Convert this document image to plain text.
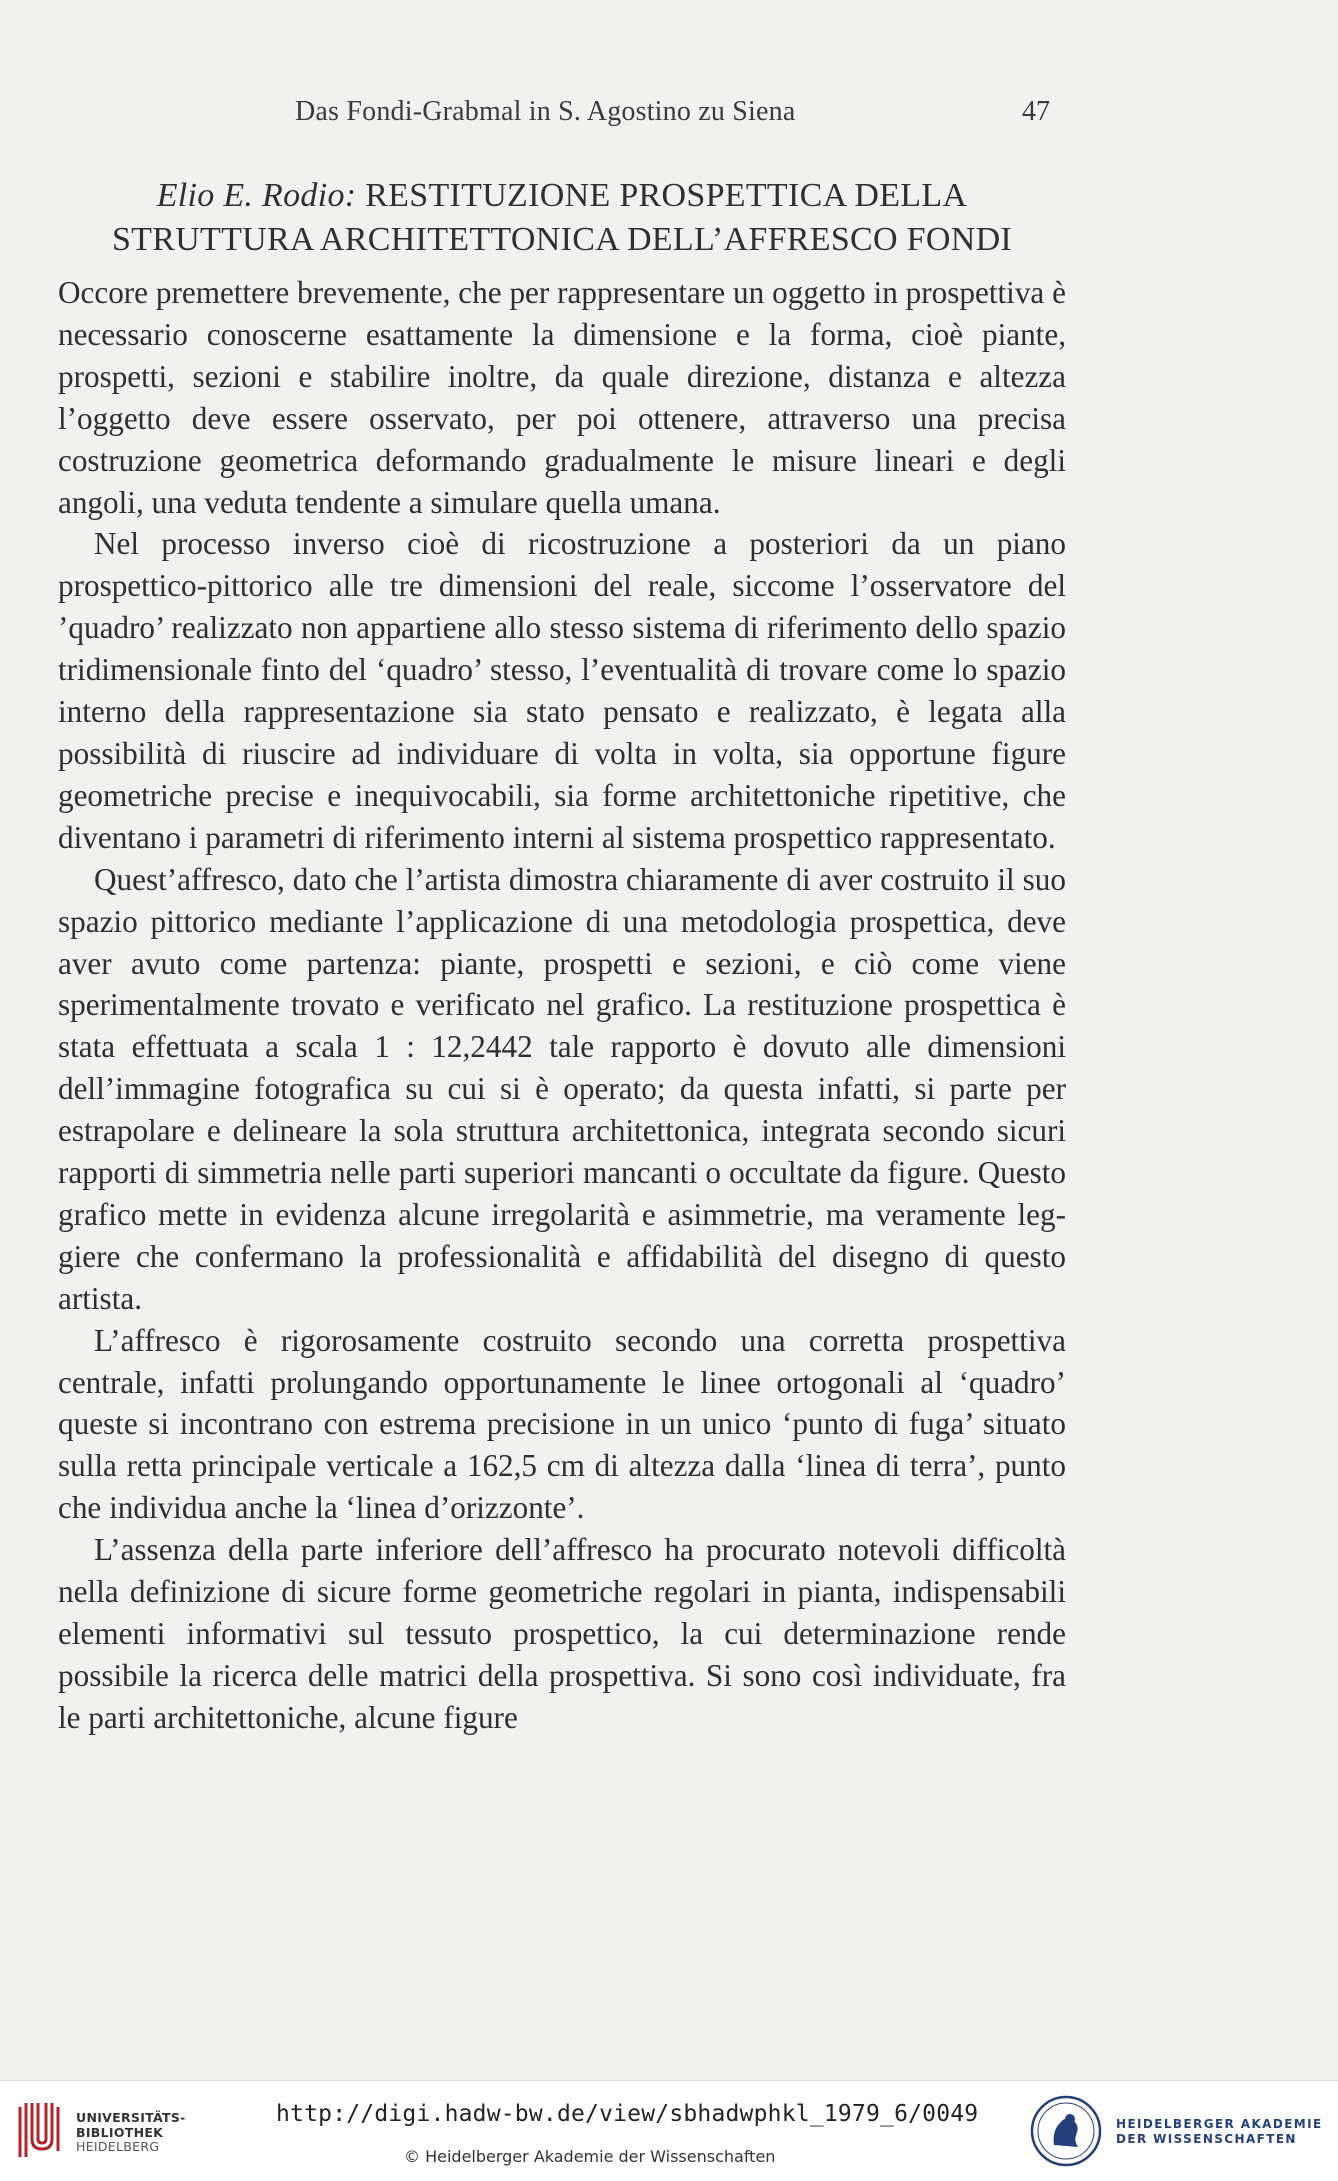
Das Fondi-Grabmal in S. Agostino zu Siena	47
Elio E. Rodio: RESTITUZIONE PROSPETTICA DELLA
STRUTTURA ARCHITETTONICA DELL’AFFRESCO FONDI

Occore premettere brevemente, che per rappresentare un oggetto in prospettiva è necessario conoscerne esattamente la dimensione e la forma, cioè piante, prospetti, sezioni e stabilire inoltre, da quale direzione, distanza e altezza l’oggetto deve essere osservato, per poi ottenere, attraverso una precisa costruzione geometrica deformando gradualmente le misure lineari e degli angoli, una veduta tendente a simulare quella umana.

Nel processo inverso cioè di ricostruzione a posteriori da un piano prospettico-pittorico alle tre dimensioni del reale, siccome l’osservatore del ’quadro’ realizzato non appartiene allo stesso sistema di riferimento dello spazio tridimensionale finto del ‘quadro’ stesso, l’eventualità di trovare come lo spazio interno della rappresentazione sia stato pensato e realizzato, è legata alla possibilità di riuscire ad individuare di volta in volta, sia opportune figure geometriche precise e inequivocabili, sia forme architettoniche ripetitive, che diventano i parametri di riferimento interni al sistema prospettico rappresentato.

Quest’affresco, dato che l’artista dimostra chiaramente di aver costruito il suo spazio pittorico mediante l’applicazione di una metodologia prospettica, deve aver avuto come partenza: piante, prospetti e sezioni, e ciò come viene sperimentalmente trovato e verificato nel grafico. La restituzione prospettica è stata effettuata a scala 1 : 12,2442 tale rapporto è dovuto alle dimensioni dell’immagine fotografica su cui si è operato; da questa infatti, si parte per estrapolare e delineare la sola struttura architettonica, integrata secondo sicuri rapporti di simmetria nelle parti superiori mancanti o occultate da figure. Questo grafico mette in evidenza alcune irregolarità e asimmetrie, ma veramente leggiere che confermano la professionalità e affidabilità del disegno di questo artista.

L’affresco è rigorosamente costruito secondo una corretta prospettiva centrale, infatti prolungando opportunamente le linee ortogonali al ‘quadro’ queste si incontrano con estrema precisione in un unico ‘punto di fuga’ situato sulla retta principale verticale a 162,5 cm di altezza dalla ‘linea di terra’, punto che individua anche la ‘linea d’orizzonte’.

L’assenza della parte inferiore dell’affresco ha procurato notevoli difficoltà nella definizione di sicure forme geometriche regolari in pianta, indispensabili elementi informativi sul tessuto prospettico, la cui determinazione rende possibile la ricerca delle matrici della prospettiva. Si sono così individuate, fra le parti architettoniche, alcune figure

UNIVERSITÄTS-
BIBLIOTHEK
HEIDELBERG
http://digi.hadw-bw.de/view/sbhadwphkl_1979_6/0049
© Heidelberger Akademie der Wissenschaften
HEIDELBERGER AKADEMIE
DER WISSENSCHAFTEN
